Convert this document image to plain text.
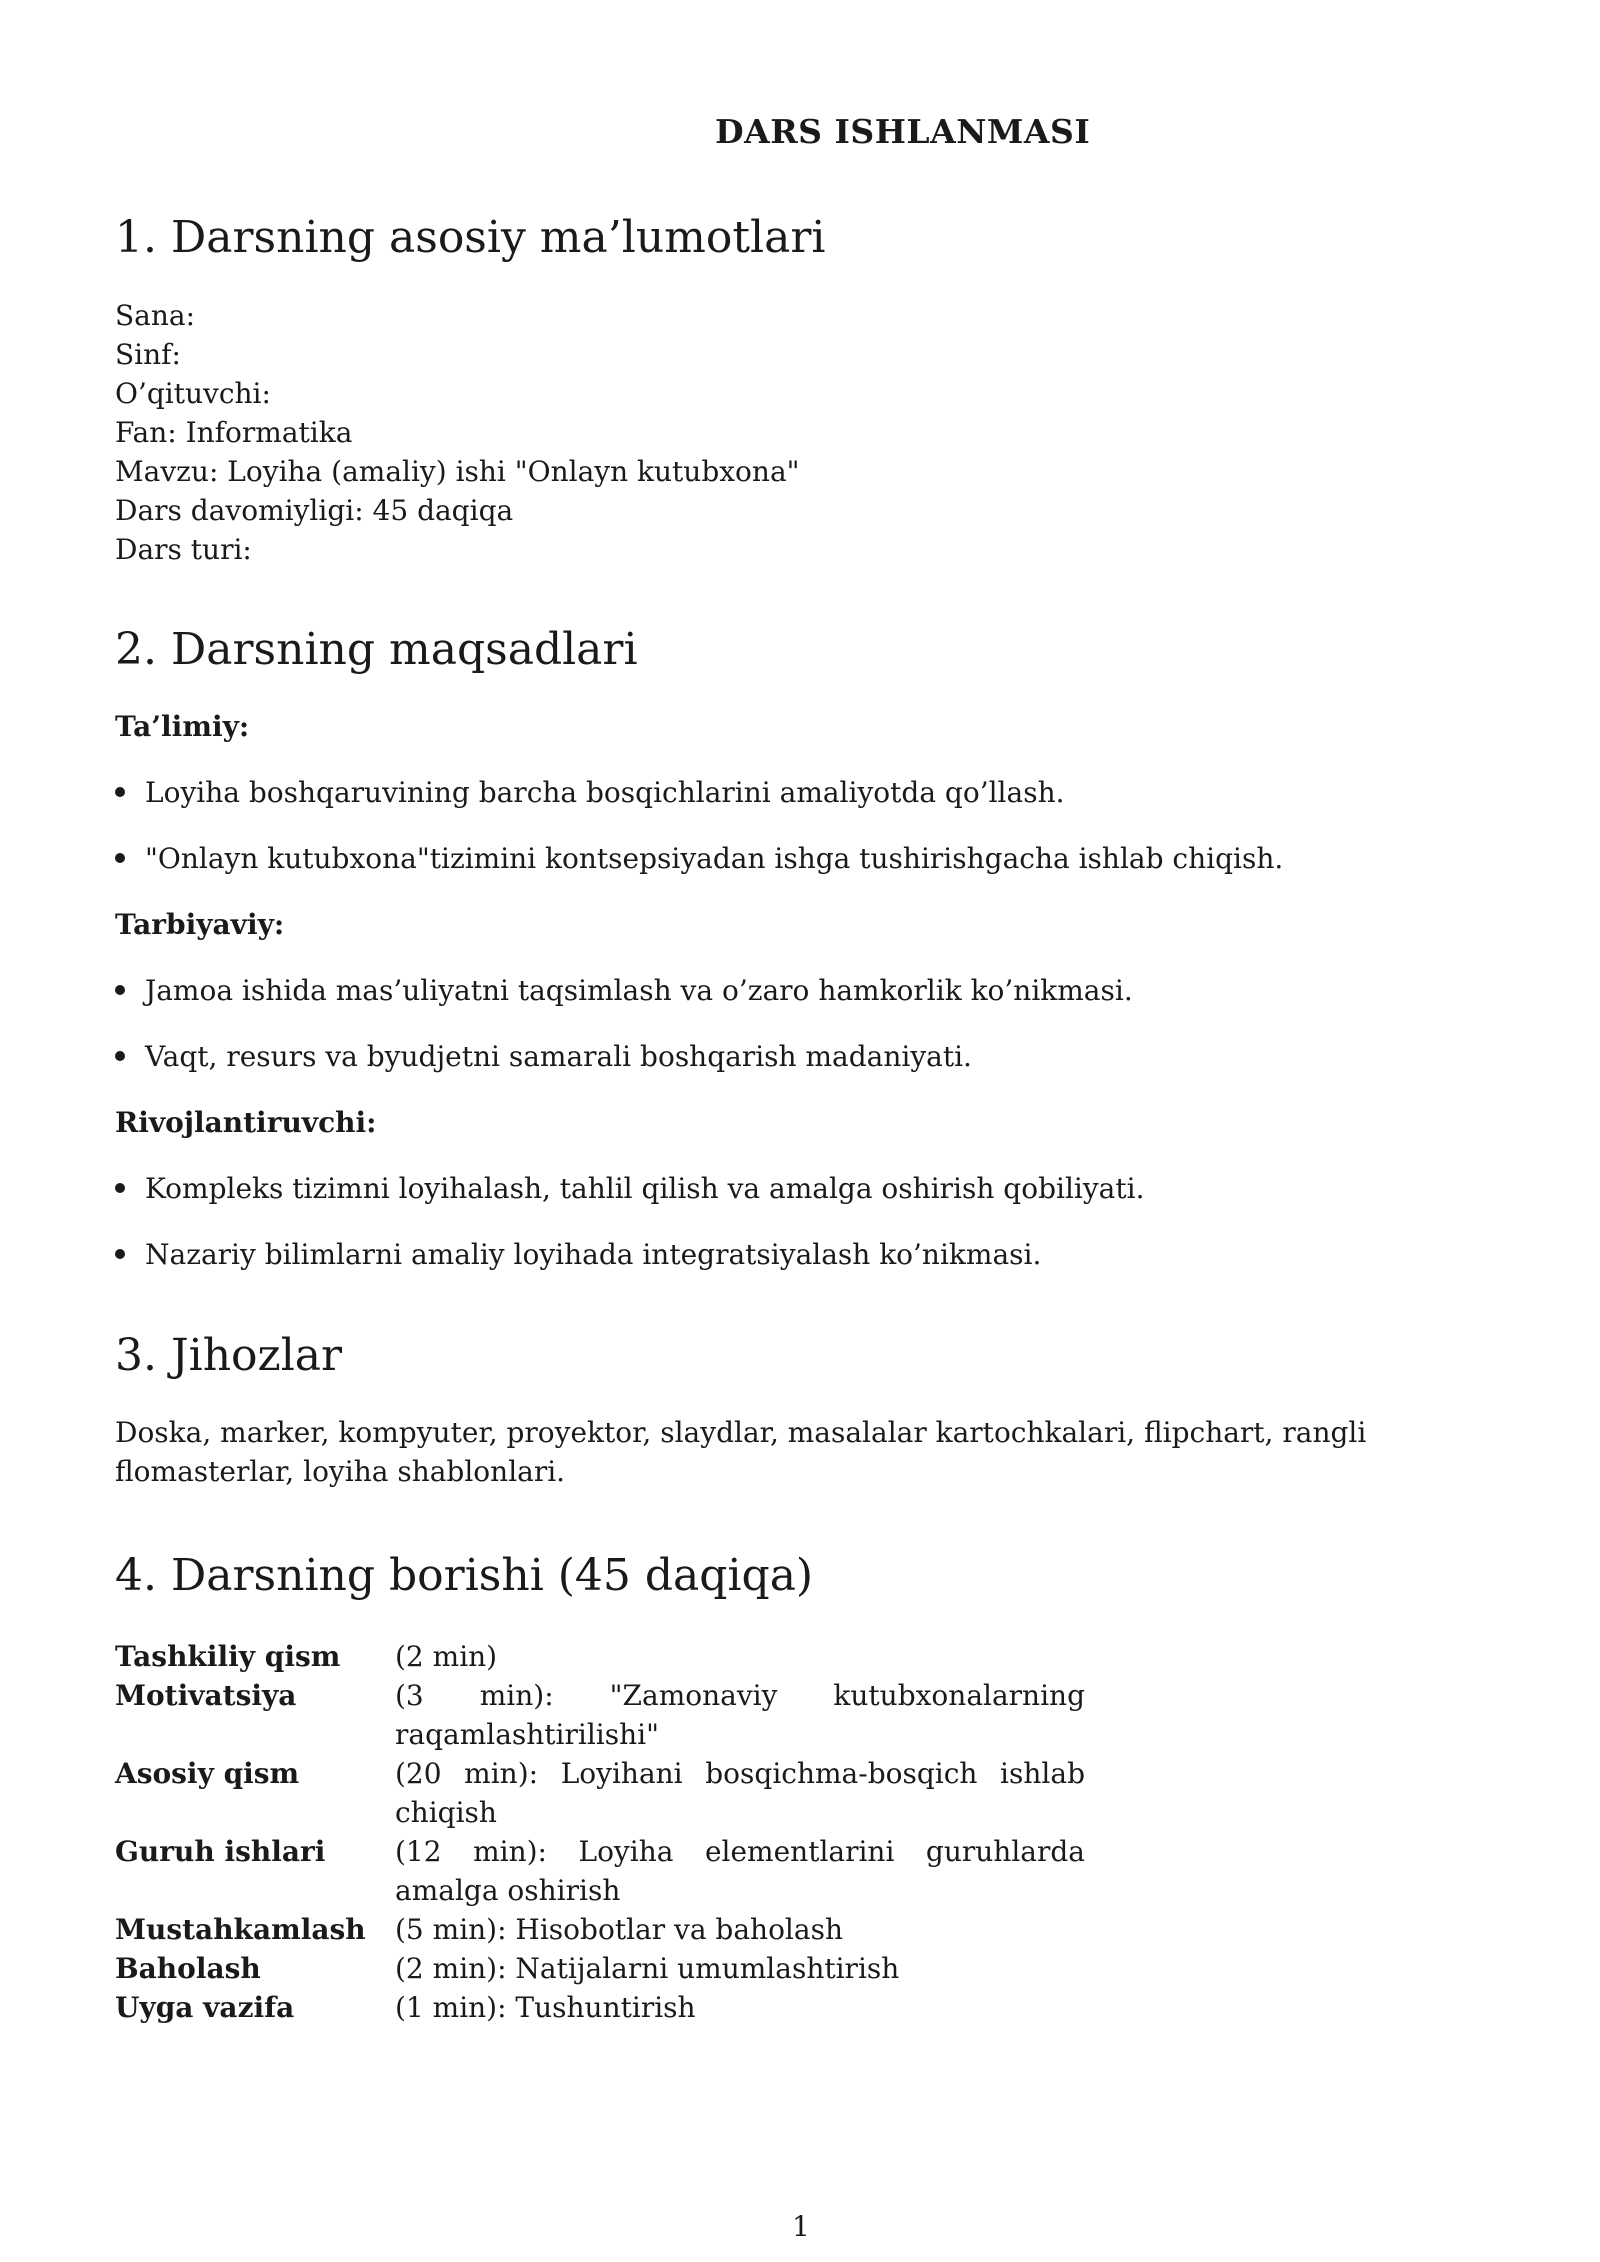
DARS ISHLANMASI
1. Darsning asosiy ma’lumotlari
Sana:
Sinf:
O’qituvchi:
Fan: Informatika
Mavzu: Loyiha (amaliy) ishi "Onlayn kutubxona"
Dars davomiyligi: 45 daqiqa
Dars turi:
2. Darsning maqsadlari
Ta’limiy:
Loyiha boshqaruvining barcha bosqichlarini amaliyotda qo’llash.
"Onlayn kutubxona"tizimini kontsepsiyadan ishga tushirishgacha ishlab chiqish.
Tarbiyaviy:
Jamoa ishida mas’uliyatni taqsimlash va o’zaro hamkorlik ko’nikmasi.
Vaqt, resurs va byudjetni samarali boshqarish madaniyati.
Rivojlantiruvchi:
Kompleks tizimni loyihalash, tahlil qilish va amalga oshirish qobiliyati.
Nazariy bilimlarni amaliy loyihada integratsiyalash ko’nikmasi.
3. Jihozlar
Doska, marker, kompyuter, proyektor, slaydlar, masalalar kartochkalari, flipchart, rangli flomasterlar, loyiha shablonlari.
4. Darsning borishi (45 daqiqa)
Tashkiliy qism	(2 min)
Motivatsiya	(3 min): "Zamonaviy kutubxonalarning raqamlashtirilishi"
Asosiy qism	(20 min): Loyihani bosqichma-bosqich ishlab chiqish
Guruh ishlari	(12 min): Loyiha elementlarini guruhlarda amalga oshirish
Mustahkamlash	(5 min): Hisobotlar va baholash
Baholash	(2 min): Natijalarni umumlashtirish
Uyga vazifa	(1 min): Tushuntirish
1
